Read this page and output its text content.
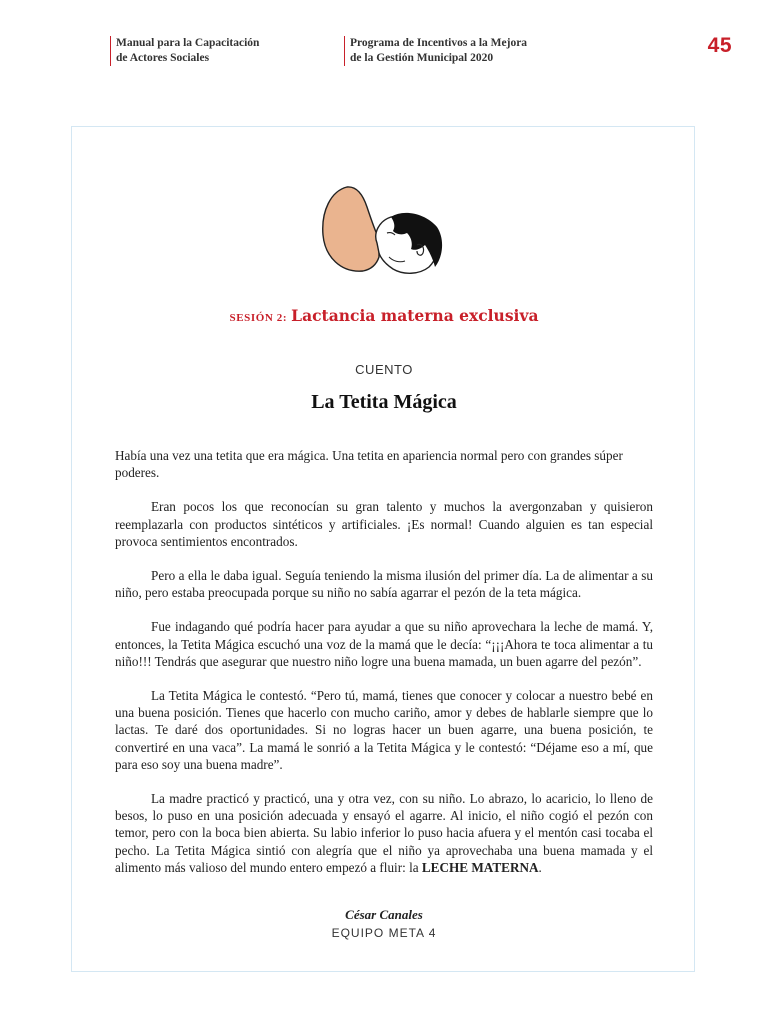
Manual para la Capacitación
de Actores Sociales
Programa de Incentivos a la Mejora
de la Gestión Municipal 2020
45
SESIÓN 2: Lactancia materna exclusiva
CUENTO
La Tetita Mágica

Había una vez una tetita que era mágica. Una tetita en apariencia normal pero con grandes súper poderes.

Eran pocos los que reconocían su gran talento y muchos la avergonzaban y quisieron reemplazarla con productos sintéticos y artificiales. ¡Es normal! Cuando alguien es tan especial provoca sentimientos encontrados.

Pero a ella le daba igual. Seguía teniendo la misma ilusión del primer día. La de alimentar a su niño, pero estaba preocupada porque su niño no sabía agarrar el pezón de la teta mágica.

Fue indagando qué podría hacer para ayudar a que su niño aprovechara la leche de mamá. Y, entonces, la Tetita Mágica escuchó una voz de la mamá que le decía: “¡¡¡Ahora te toca alimentar a tu niño!!! Tendrás que asegurar que nuestro niño logre una buena mamada, un buen agarre del pezón”.

La Tetita Mágica le contestó. “Pero tú, mamá, tienes que conocer y colocar a nuestro bebé en una buena posición. Tienes que hacerlo con mucho cariño, amor y debes de hablarle siempre que lo lactas. Te daré dos oportunidades. Si no logras hacer un buen agarre, una buena posición, te convertiré en una vaca”. La mamá le sonrió a la Tetita Mágica y le contestó: “Déjame eso a mí, que para eso soy una buena madre”.

La madre practicó y practicó, una y otra vez, con su niño. Lo abrazo, lo acaricio, lo lleno de besos, lo puso en una posición adecuada y ensayó el agarre. Al inicio, el niño cogió el pezón con temor, pero con la boca bien abierta. Su labio inferior lo puso hacia afuera y el mentón casi tocaba el pecho. La Tetita Mágica sintió con alegría que el niño ya aprovechaba una buena mamada y el alimento más valioso del mundo entero empezó a fluir: la LECHE MATERNA.

César Canales
EQUIPO META 4
